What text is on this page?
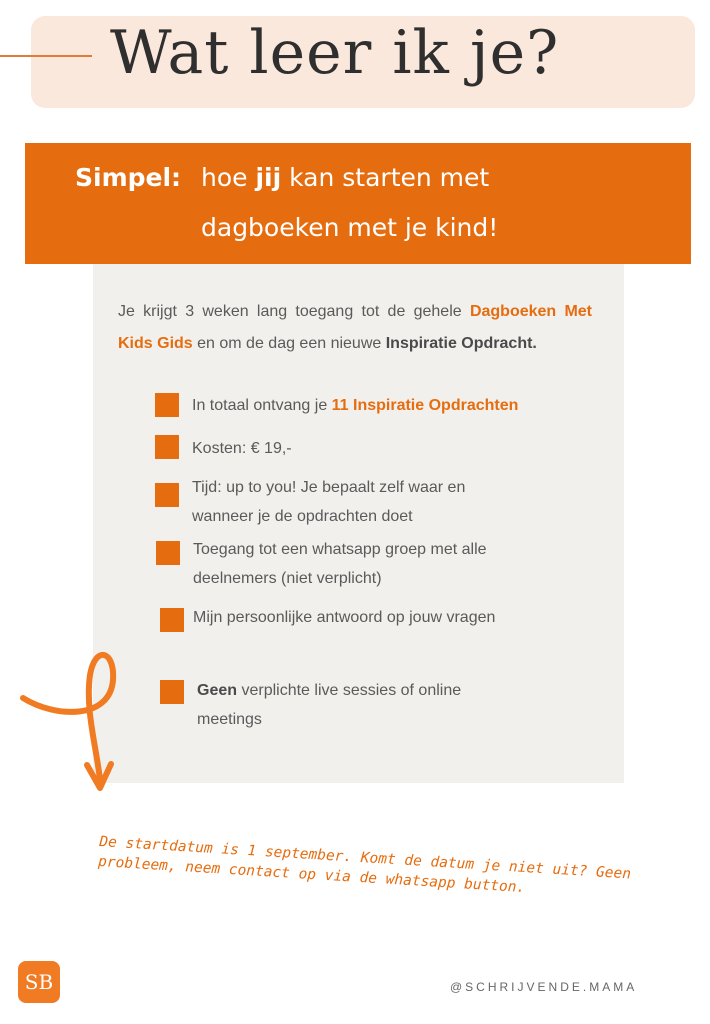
Wat leer ik je?
Simpel: hoe jij kan starten met
dagboeken met je kind!
Je krijgt 3 weken lang toegang tot de gehele Dagboeken Met Kids Gids en om de dag een nieuwe Inspiratie Opdracht.
In totaal ontvang je 11 Inspiratie Opdrachten
Kosten: € 19,-
Tijd: up to you! Je bepaalt zelf waar en wanneer je de opdrachten doet
Toegang tot een whatsapp groep met alle deelnemers (niet verplicht)
Mijn persoonlijke antwoord op jouw vragen
Geen verplichte live sessies of online meetings
De startdatum is 1 september. Komt de datum je niet uit? Geen probleem, neem contact op via de whatsapp button.
SB	@SCHRIJVENDE.MAMA
